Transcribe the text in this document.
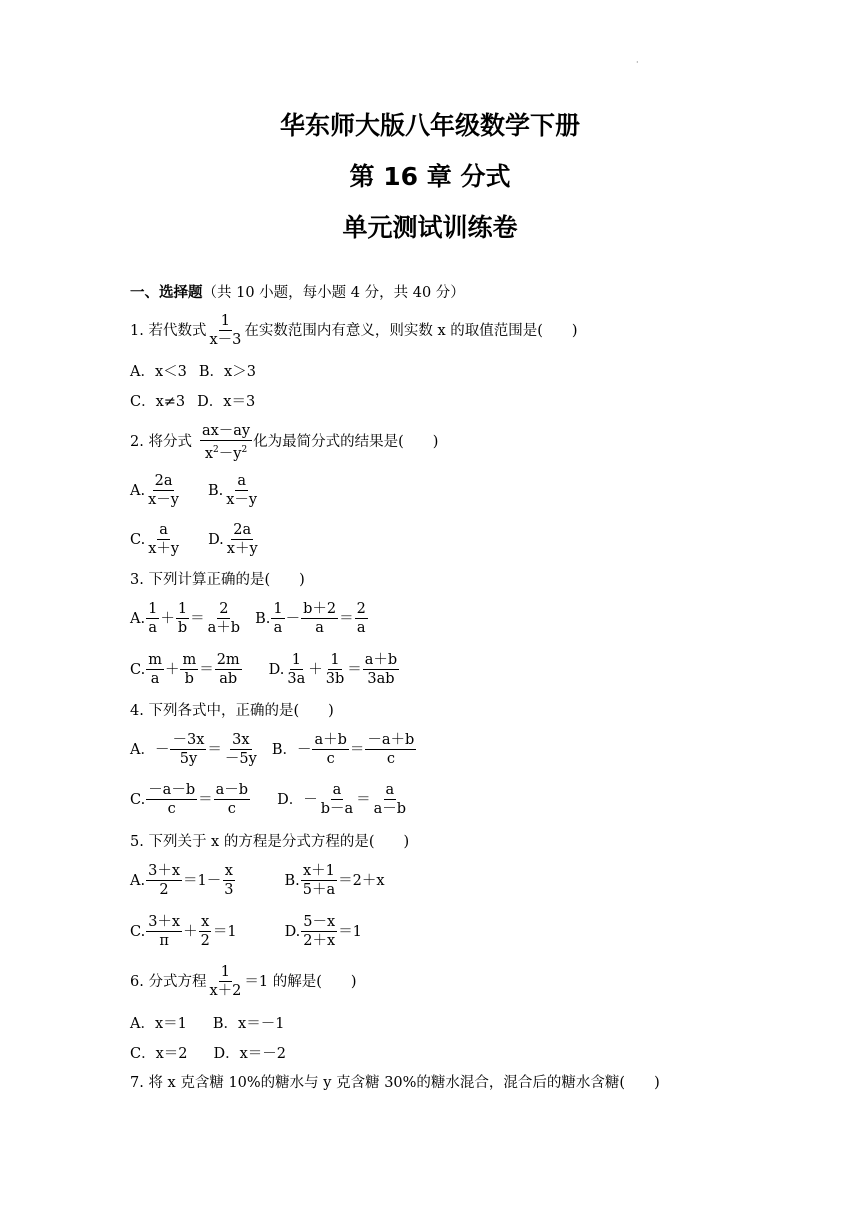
·
华东师大版八年级数学下册
第 16 章 分式
单元测试训练卷
一、选择题 （共 10 小题，每小题 4 分，共 40 分）
1. 若代数式 $\frac{1}{x-3}$ 在实数范围内有意义，则实数 x 的取值范围是(　　)
A．x＜3 B．x＞3
C．x≠3 D．x＝3
2. 将分式 $\frac{ax-ay}{x^2-y^2}$ 化为最简分式的结果是(　　)
A. $\frac{2a}{x-y} B$. $\frac{a}{x-y}$
C. $\frac{a}{x+y} D$. $\frac{2a}{x+y}$
3. 下列计算正确的是(　　)
A. $\frac{1}{a} + \frac{1}{b} = \frac{2}{a+b} B$. $\frac{1}{a} - \frac{b+2}{a} = \frac{2}{a}$
C. $\frac{m}{a} + \frac{m}{b} = \frac{2m}{ab} D$. $\frac{1}{3a} + \frac{1}{3b} = \frac{a+b}{3ab}$
4. 下列各式中，正确的是(　　)
A．－ $\frac{-3x}{5y} = \frac{3x}{-5y}$ B．－ $\frac{a+b}{c} = \frac{-a+b}{c}$
C. $\frac{-a-b}{c} = \frac{a-b}{c}$ D．－ $\frac{a}{b-a} = \frac{a}{a-b}$
5. 下列关于 x 的方程是分式方程的是(　　)
A. $\frac{3+x}{2} =1- \frac{x}{3}$	B. $\frac{x+1}{5+a} =2+x$
C. $\frac{3+x}{\pi} + \frac{x}{2} =1$	D. $\frac{5-x}{2+x} =1$
6. 分式方程 $\frac{1}{x+2} =1$ 的解是(　　)
A．x＝1 B．x＝－1
C．x＝2 D．x＝－2
7. 将 x 克含糖 10%的糖水与 y 克含糖 30%的糖水混合，混合后的糖水含糖(　　)
